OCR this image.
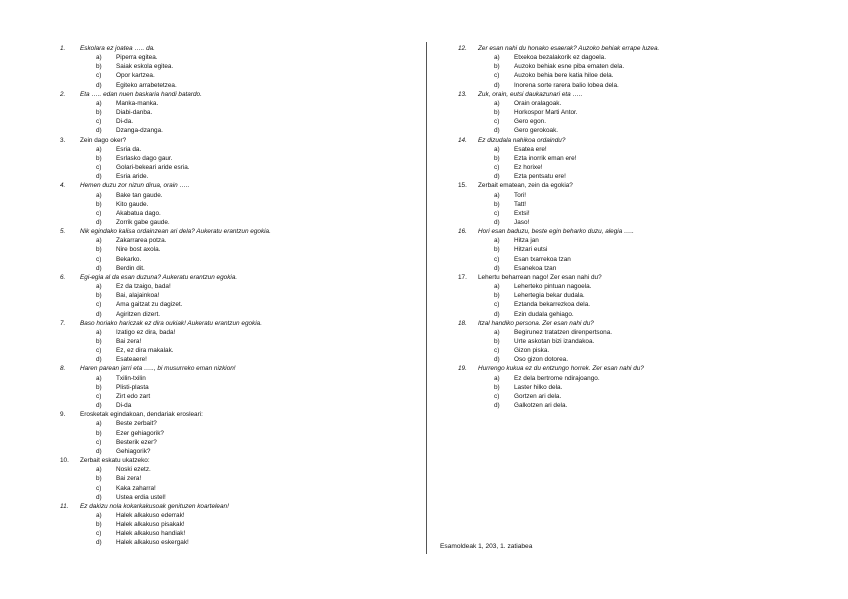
1.	Eskolara ez joatea ….. da.
a)	Piperra egitea.
b)	Saiak eskola egitea.
c)	Opor kartzea.
d)	Egiteko arrabetetzea.
2.	Eta ….. edan nuen baskaria handi batardo.
a)	Manka-manka.
b)	Diabi-danba.
c)	Di-da.
d)	Dzanga-dzanga.
3.	Zein dago oker?
a)	Esria da.
b)	Esrlasko dago gaur.
c)	Golari-bekeari aride esria.
d)	Esria aride.
4.	Hemen duzu zor nizun dirua, orain …..
a)	Bake tan gaude.
b)	Kito gaude.
c)	Akabatua dago.
d)	Zorrik gabe gaude.
5.	Nik egindako kalisa ordainzean ari dela? Aukeratu erantzun egokia.
a)	Zakarrarea potza.
b)	Nire bost axola.
c)	Bekarko.
d)	Berdin dit.
6.	Egi-egia al da esan duzuna? Aukeratu erantzun egokia.
a)	Ez da tzaigo, bada!
b)	Bai, alajainkoa!
c)	Ama gaitzat zu dagizet.
d)	Agiritzen dizert.
7.	Baso horiako hariczak ez dira oukiak! Aukeratu erantzun egokia.
a)	Izatigo ez dira, bada!
b)	Bai zera!
c)	Ez, ez dira makalak.
d)	Esateaere!
8.	Haren parean jarri eta ….., bi musurreko eman nizkion!
a)	Txilin-txilin
b)	Plisti-plasta
c)	Zirt edo zart
d)	Di-da
9.	Erosketak egindakoan, dendariak erosleari:
a)	Beste zerbait?
b)	Ezer gehiagorik?
c)	Besterik ezer?
d)	Gehiagorik?
10.	Zerbait eskatu ukatzeko:
a)	Noski ezetz.
b)	Bai zera!
c)	Kaka zaharra!
d)	Ustea erdia ustel!
11.	Ez dakizu nola kokarkakusoak genituzen koartelean!
a)	Halek alkakuso ederrak!
b)	Halek alkakuso pisakak!
c)	Halek alkakuso handiak!
d)	Halek alkakuso eskergak!
12.	Zer esan nahi du honako esaerak? Auzoko behiak errape luzea.
a)	Etxekoa bezalakorik ez dagoela.
b)	Auzoko behiak esne piba ematen dela.
c)	Auzoko behia bere katia hiloe dela.
d)	Inorena sorte rarera balio lobea dela.
13.	Zuk, orain, eutsi daukazunari eta …..
a)	Orain oralagoak.
b)	Horkospor Marti Antor.
c)	Gero egon.
d)	Gero gerokoak.
14.	Ez dizudala nahikoa ordaindu?
a)	Esatea ere!
b)	Ezta inorrik eman ere!
c)	Ez horixe!
d)	Ezta pentsatu ere!
15.	Zerbait ematean, zein da egokia?
a)	Tori!
b)	Tatt!
c)	Extsi!
d)	Jaso!
16.	Hori esan baduzu, beste egin beharko duzu, alegia …..
a)	Hitza jan
b)	Hitzari eutsi
c)	Esan txarrekoa tzan
d)	Esanekoa tzan
17.	Lehertu beharrean nago! Zer esan nahi du?
a)	Leherteko pintuan nagoela.
b)	Lehertegia bekar dudala.
c)	Eztanda bekarrezkoa dela.
d)	Ezin dudala gehiago.
18.	Itzal handiko persona. Zer esan nahi du?
a)	Begirunez tratatzen direnpertsona.
b)	Urte askotan bizi izandakoa.
c)	Gizon piska.
d)	Oso gizon dotorea.
19.	Hurrengo kukua ez du entzungo horrek. Zer esan nahi du?
a)	Ez dela bertrome ndirajoango.
b)	Laster hilko dela.
c)	Gortzen ari dela.
d)	Galkotzen ari dela.
Esamoldeak 1, 203, 1. zatiabea
